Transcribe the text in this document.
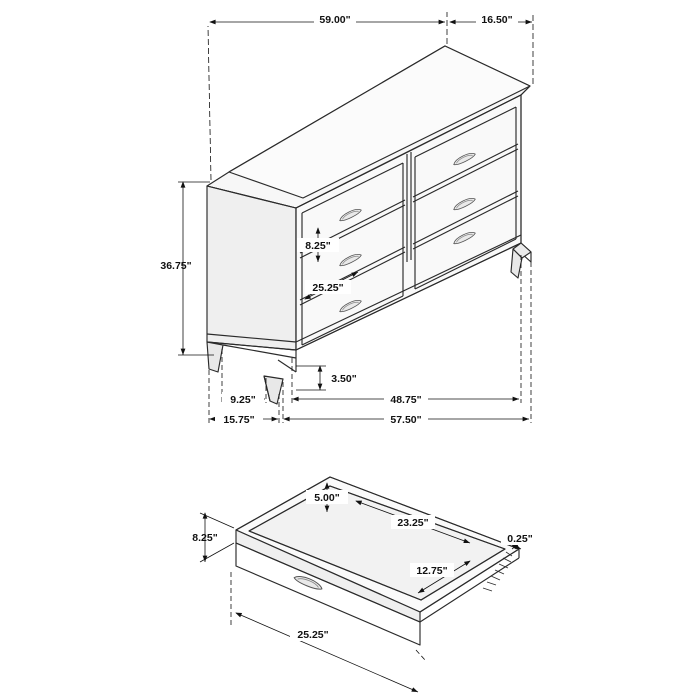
59.00"	16.50"
36.75"
8.25"
25.25"
3.50"
9.25"
15.75"
48.75"
57.50"
5.00"
23.25"
0.25"
8.25"
12.75"
25.25"
